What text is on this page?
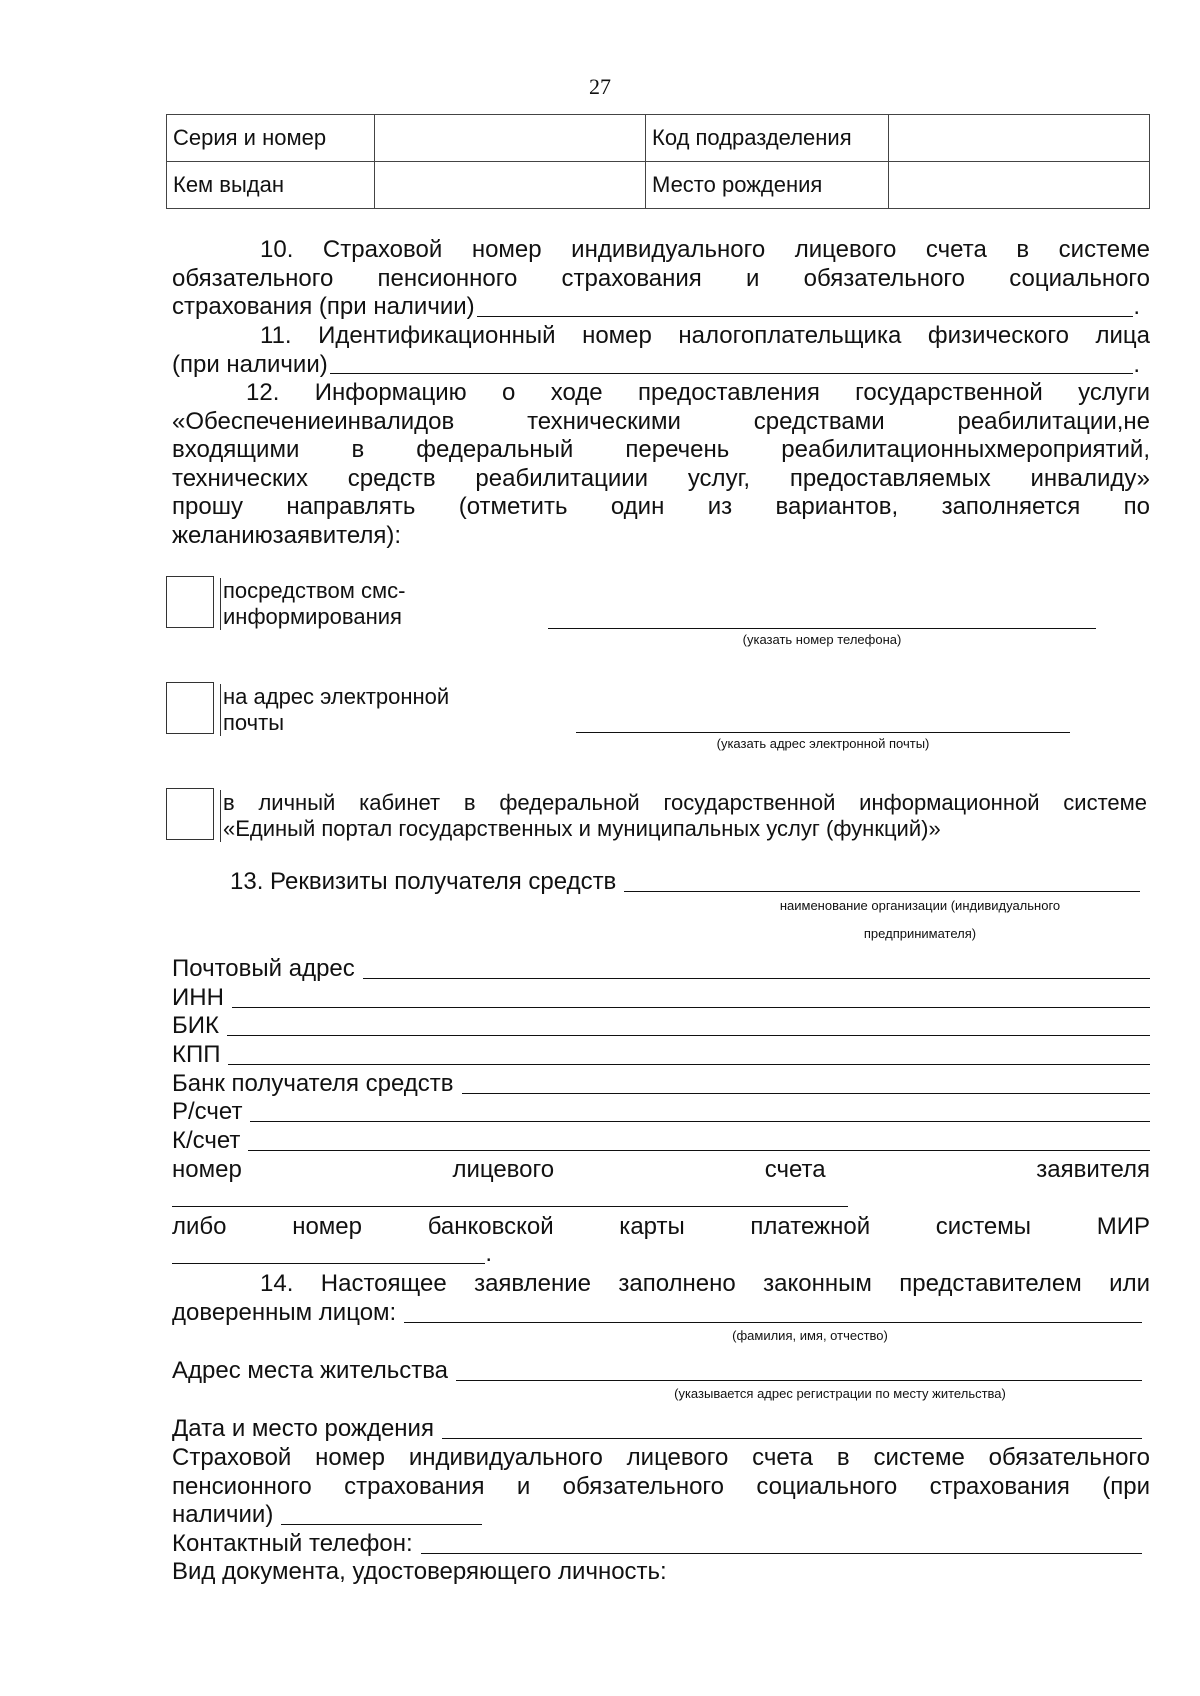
27
Серия и номер		Код подразделения	
Кем выдан		Место рождения	
10. Страховой номер индивидуального лицевого счета в системе
обязательного пенсионного страхования и обязательного социального
страхования (при наличии)	.
11. Идентификационный номер налогоплательщика физического лица
(при наличии)	.
12. Информацию о ходе предоставления государственной услуги
«Обеспечениеинвалидов техническими средствами реабилитации,не
входящими в федеральный перечень реабилитационныхмероприятий,
технических средств реабилитациии услуг, предоставляемых инвалиду»
прошу направлять (отметить один из вариантов, заполняется по
желаниюзаявителя):
посредством смс-
информирования
(указать номер телефона)
на адрес электронной
почты
(указать адрес электронной почты)
в личный кабинет в федеральной государственной информационной системе
«Единый портал государственных и муниципальных услуг (функций)»
13. Реквизиты получателя средств
наименование организации (индивидуального
предпринимателя)
Почтовый адрес
ИНН
БИК
КПП
Банк получателя средств
Р/счет
К/счет
номер	лицевого	счета	заявителя
либо	номер	банковской	карты	платежной	системы	МИР
.
14. Настоящее заявление заполнено законным представителем или
доверенным лицом:
(фамилия, имя, отчество)
Адрес места жительства
(указывается адрес регистрации по месту жительства)
Дата и место рождения
Страховой номер индивидуального лицевого счета в системе обязательного
пенсионного страхования и обязательного социального страхования (при
наличии)
Контактный телефон:
Вид документа, удостоверяющего личность:
